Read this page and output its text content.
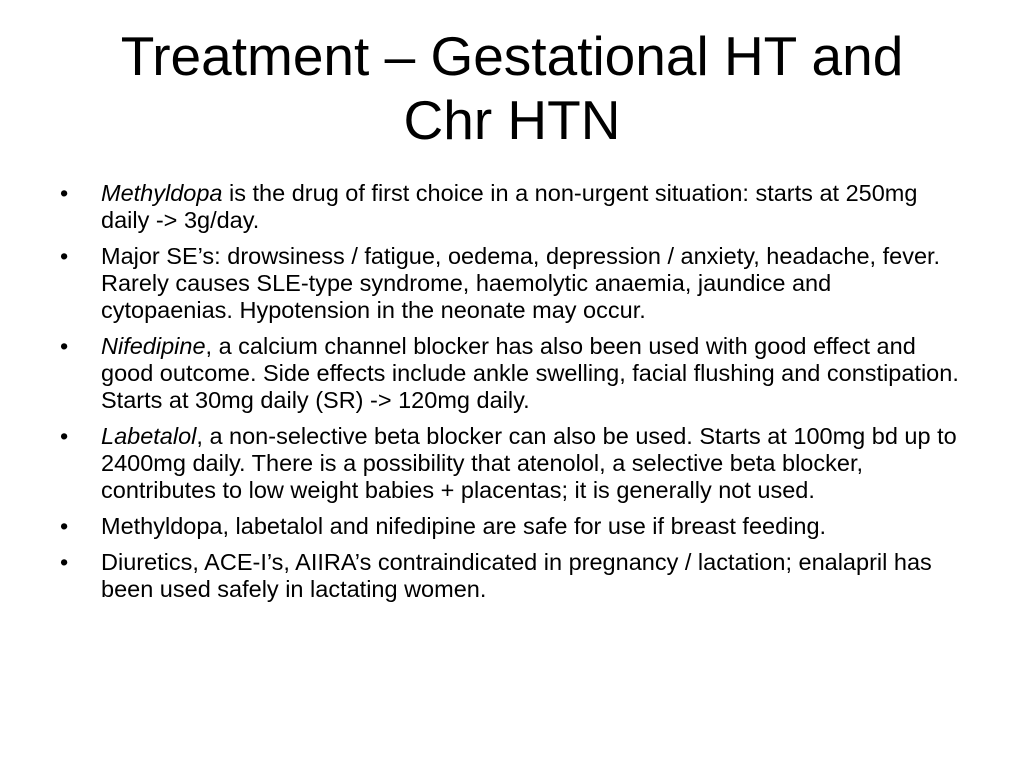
Treatment – Gestational HT and
Chr HTN
• Methyldopa is the drug of first choice in a non-urgent situation: starts at 250mg daily -> 3g/day.
• Major SE’s: drowsiness / fatigue, oedema, depression / anxiety, headache, fever. Rarely causes SLE-type syndrome, haemolytic anaemia, jaundice and cytopaenias. Hypotension in the neonate may occur.
• Nifedipine, a calcium channel blocker has also been used with good effect and good outcome. Side effects include ankle swelling, facial flushing and constipation. Starts at 30mg daily (SR) -> 120mg daily.
• Labetalol, a non-selective beta blocker can also be used. Starts at 100mg bd up to 2400mg daily. There is a possibility that atenolol, a selective beta blocker, contributes to low weight babies + placentas; it is generally not used.
• Methyldopa, labetalol and nifedipine are safe for use if breast feeding.
• Diuretics, ACE-I’s, AIIRA’s contraindicated in pregnancy / lactation; enalapril has been used safely in lactating women.
